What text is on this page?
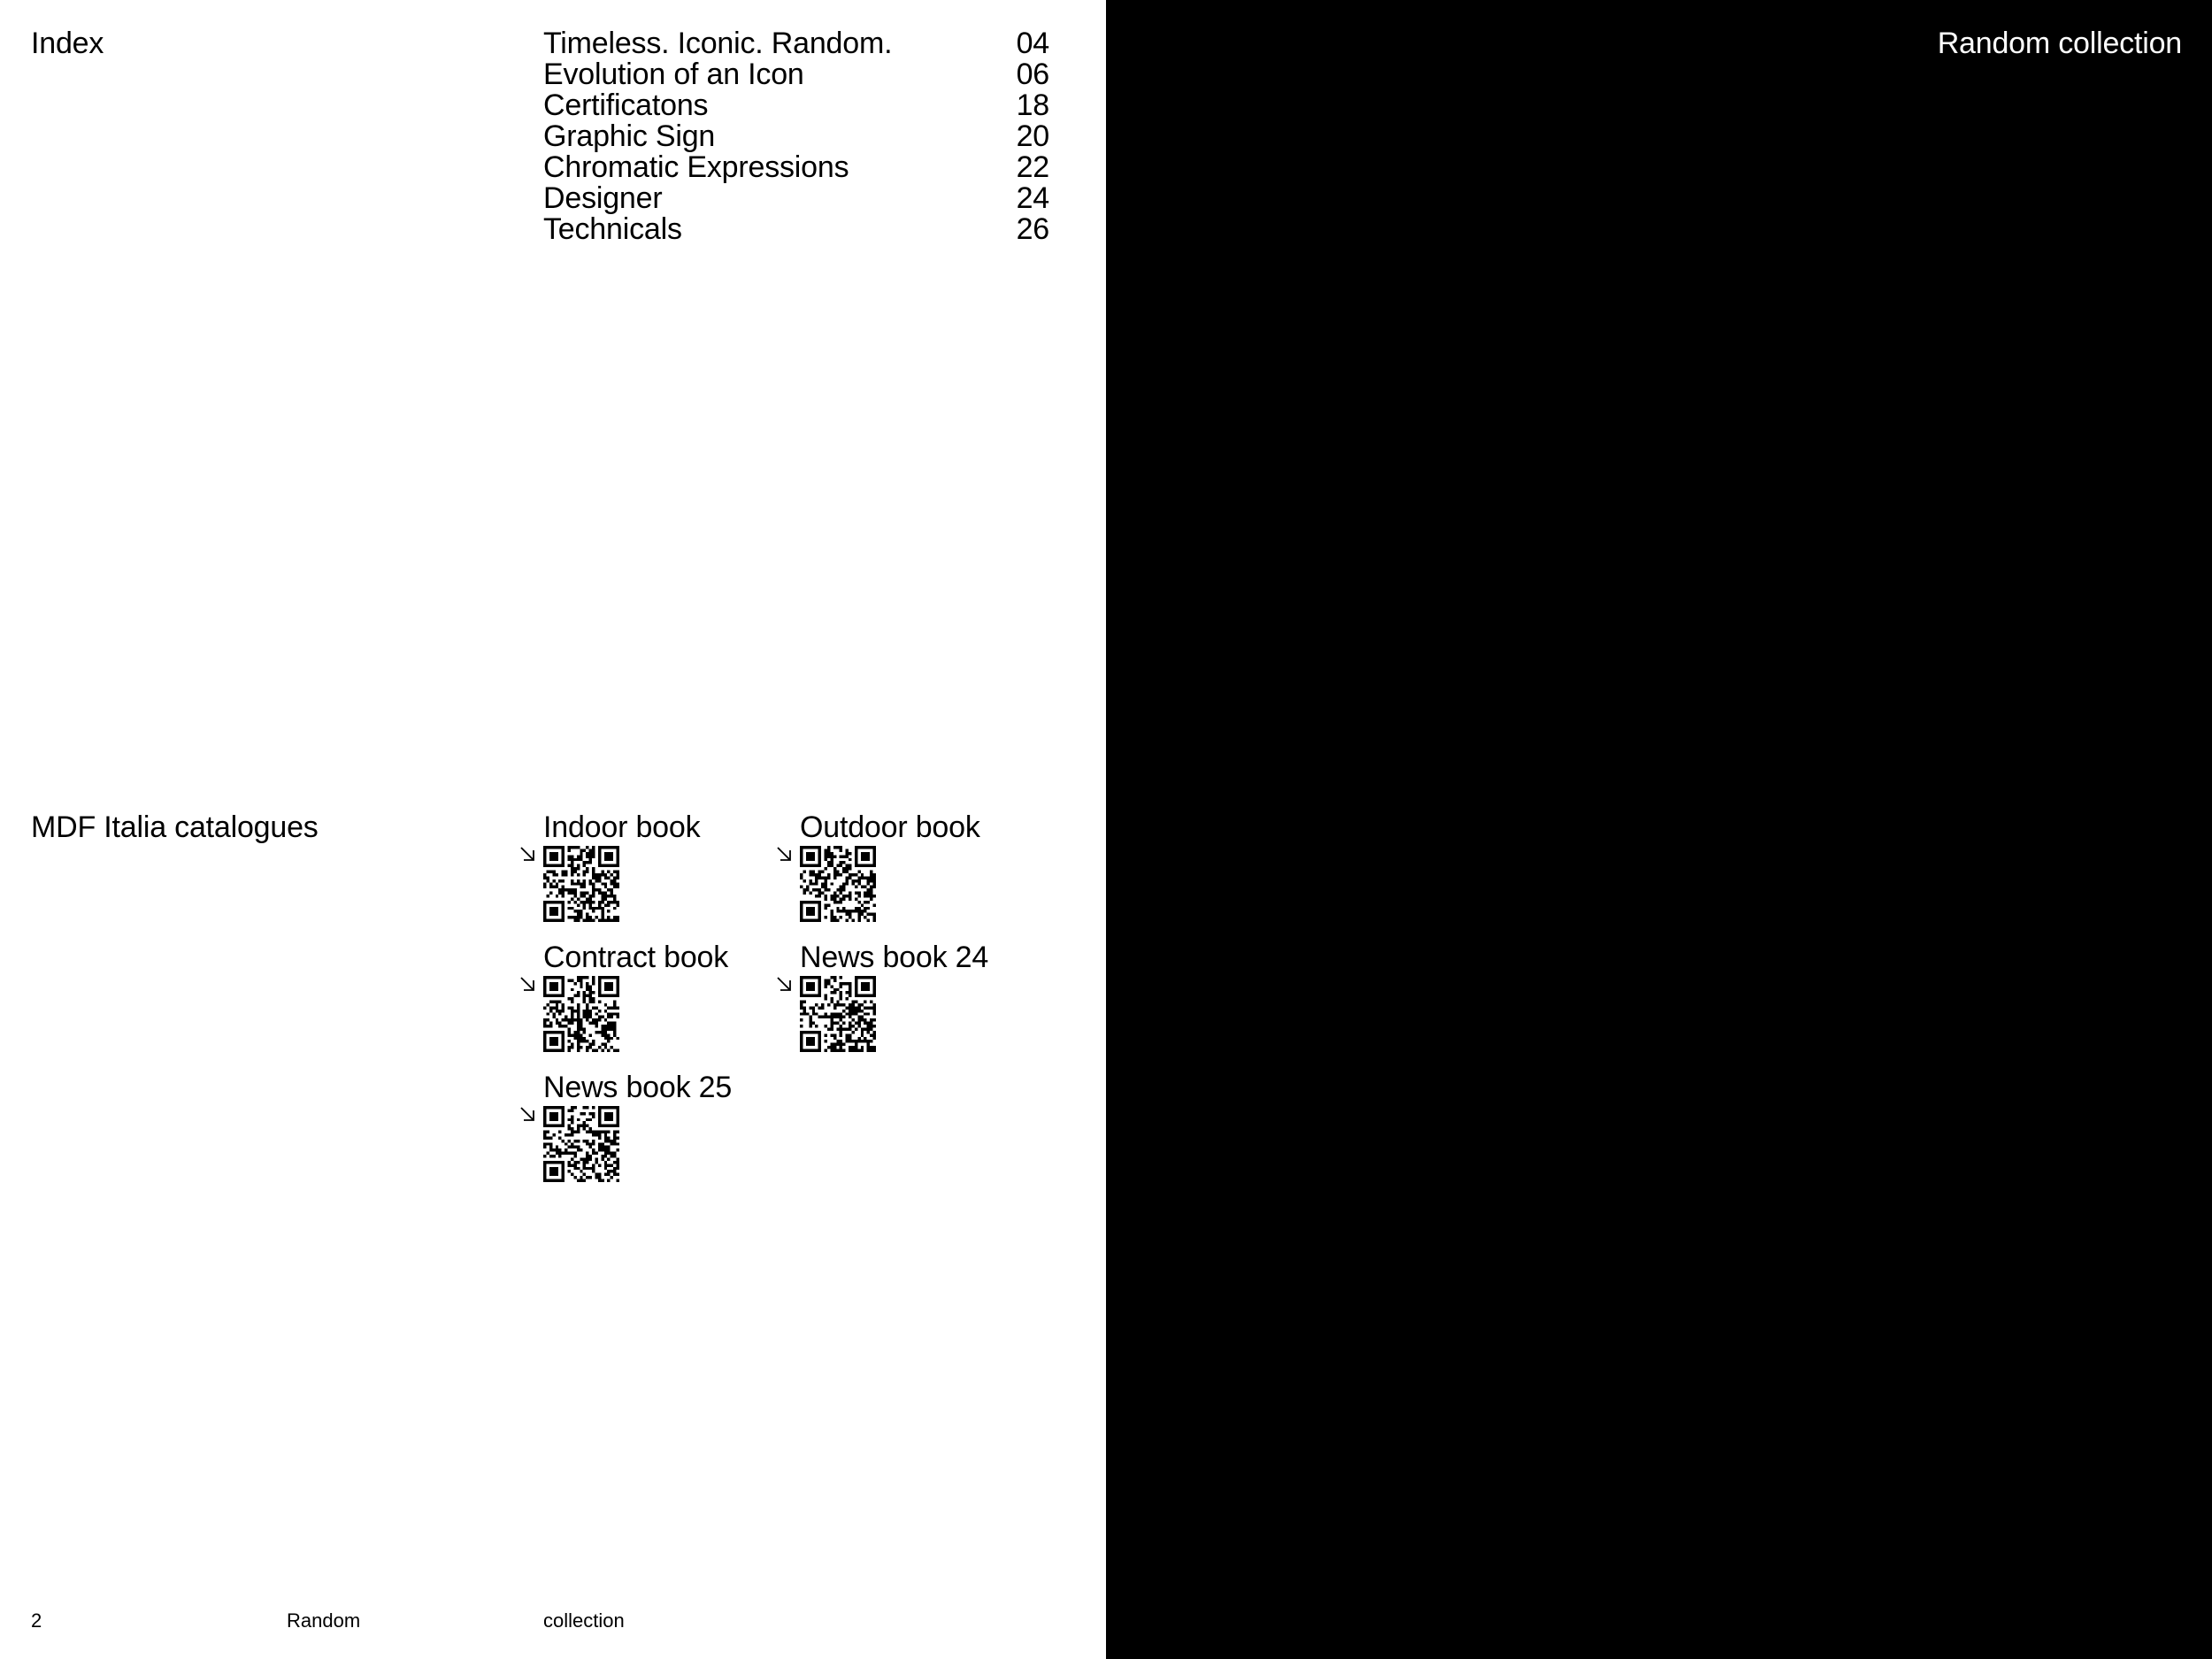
Index	Timeless. Iconic. Random.	04
Evolution of an Icon	06
Certificatons	18
Graphic Sign	20
Chromatic Expressions	22
Designer	24
Technicals	26
MDF Italia catalogues	Indoor book	Outdoor book
Contract book	News book 24
News book 25
2	Random	collection
Random collection
